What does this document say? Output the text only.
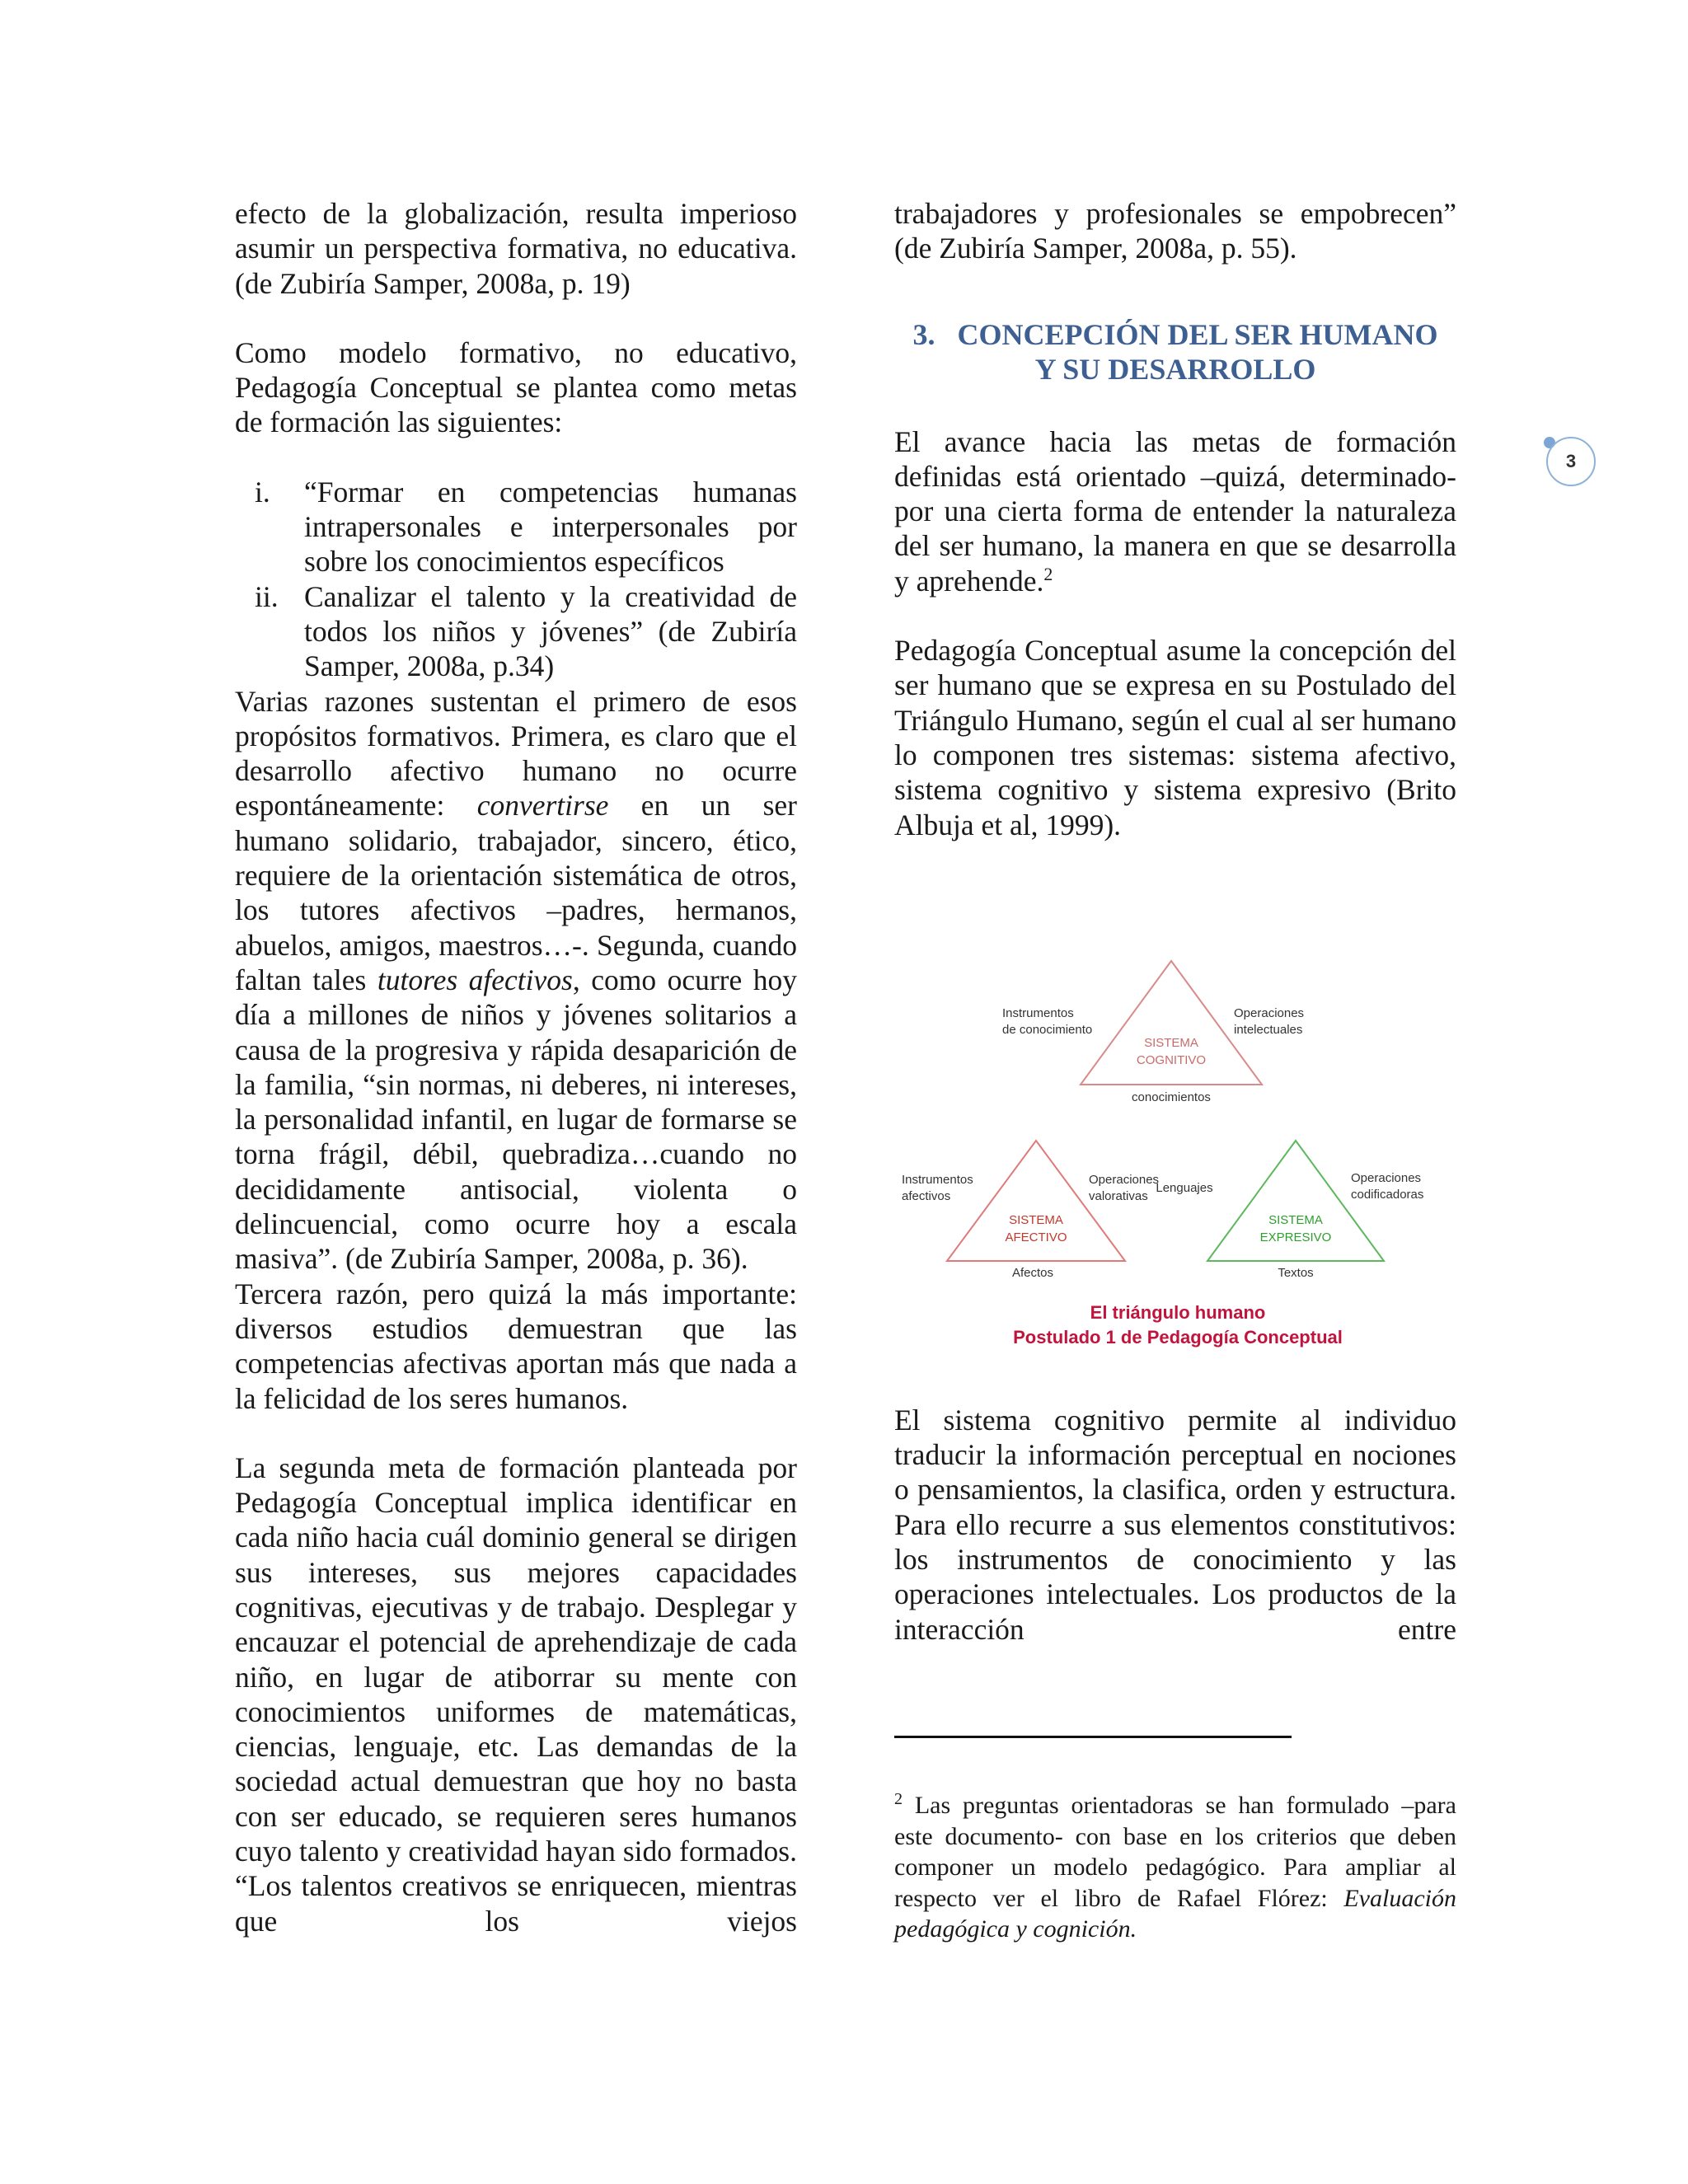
3

efecto de la globalización, resulta imperioso asumir un perspectiva formativa, no educativa. (de Zubiría Samper, 2008a, p. 19)

Como modelo formativo, no educativo, Pedagogía Conceptual se plantea como metas de formación las siguientes:

i.	“Formar en competencias humanas intrapersonales e interpersonales por sobre los conocimientos específicos
ii. Canalizar el talento y la creatividad de todos los niños y jóvenes” (de Zubiría Samper, 2008a, p.34)

Varias razones sustentan el primero de esos propósitos formativos. Primera, es claro que el desarrollo afectivo humano no ocurre espontáneamente: convertirse en un ser humano solidario, trabajador, sincero, ético, requiere de la orientación sistemática de otros, los tutores afectivos –padres, hermanos, abuelos, amigos, maestros…-. Segunda, cuando faltan tales tutores afectivos, como ocurre hoy día a millones de niños y jóvenes solitarios a causa de la progresiva y rápida desaparición de la familia, “sin normas, ni deberes, ni intereses, la personalidad infantil, en lugar de formarse se torna frágil, débil, quebradiza…cuando no decididamente antisocial, violenta o delincuencial, como ocurre hoy a escala masiva”. (de Zubiría Samper, 2008a, p. 36).

Tercera razón, pero quizá la más importante: diversos estudios demuestran que las competencias afectivas aportan más que nada a la felicidad de los seres humanos.

La segunda meta de formación planteada por Pedagogía Conceptual implica identificar en cada niño hacia cuál dominio general se dirigen sus intereses, sus mejores capacidades cognitivas, ejecutivas y de trabajo. Desplegar y encauzar el potencial de aprehendizaje de cada niño, en lugar de atiborrar su mente con conocimientos uniformes de matemáticas, ciencias, lenguaje, etc. Las demandas de la sociedad actual demuestran que hoy no basta con ser educado, se requieren seres humanos cuyo talento y creatividad hayan sido formados. “Los talentos creativos se enriquecen, mientras que los viejos

trabajadores y profesionales se empobrecen” (de Zubiría Samper, 2008a, p. 55).

3.   CONCEPCIÓN DEL SER HUMANO
Y SU DESARROLLO

El avance hacia las metas de formación definidas está orientado –quizá, determinado- por una cierta forma de entender la naturaleza del ser humano, la manera en que se desarrolla y aprehende.$^2$

Pedagogía Conceptual asume la concepción del ser humano que se expresa en su Postulado del Triángulo Humano, según el cual al ser humano lo componen tres sistemas: sistema afectivo, sistema cognitivo y sistema expresivo (Brito Albuja et al, 1999).

El sistema cognitivo permite al individuo traducir la información perceptual en nociones o pensamientos, la clasifica, orden y estructura. Para ello recurre a sus elementos constitutivos: los instrumentos de conocimiento y las operaciones intelectuales. Los productos de la interacción entre

SISTEMA
COGNITIVO
Instrumentos
de conocimiento
Operaciones
intelectuales
conocimientos
SISTEMA
AFECTIVO
Instrumentos
afectivos
Operaciones
valorativas
Afectos
SISTEMA
EXPRESIVO
Lenguajes
Operaciones
codificadoras
Textos
El triángulo humano
Postulado 1 de Pedagogía Conceptual

$^2$ Las preguntas orientadoras se han formulado –para este documento- con base en los criterios que deben componer un modelo pedagógico. Para ampliar al respecto ver el libro de Rafael Flórez: Evaluación pedagógica y cognición.
